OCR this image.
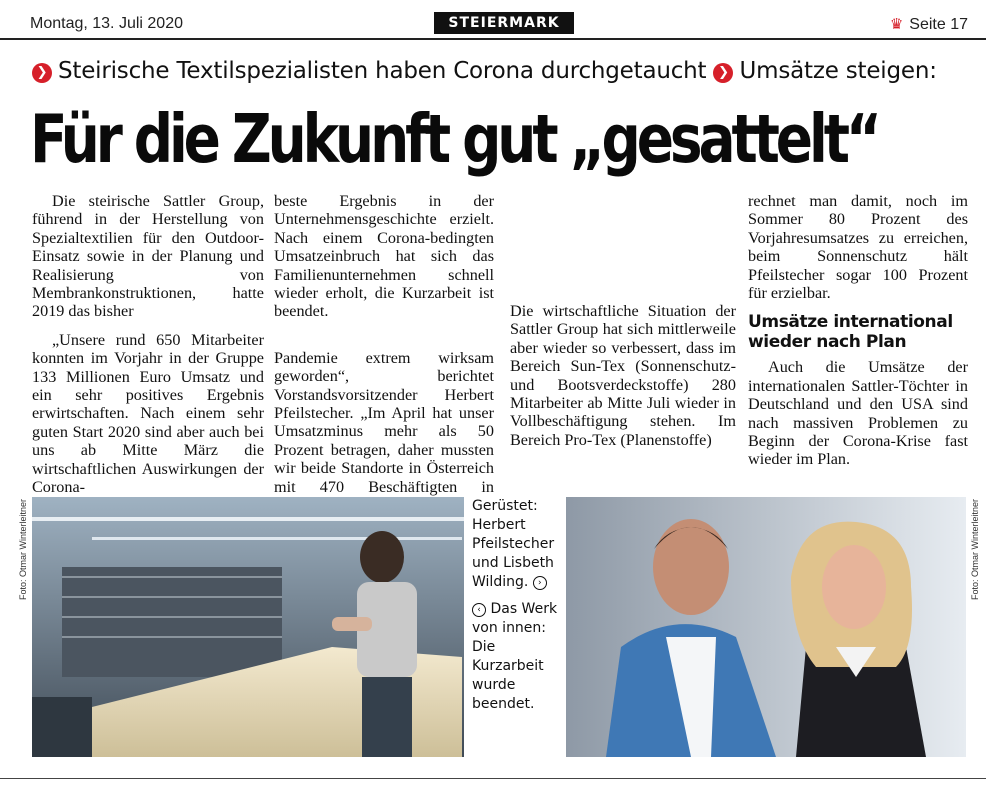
Montag, 13. Juli 2020	STEIERMARK	♛ Seite 17
❯ Steirische Textilspezialisten haben Corona durchgetaucht ❯ Umsätze steigen:
Für die Zukunft gut „gesattelt“

Die steirische Sattler Group, führend in der Herstellung von Spezialtextilien für den Outdoor-Einsatz sowie in der Planung und Realisierung von Membrankonstruktionen, hatte 2019 das bisher

„Unsere rund 650 Mitarbeiter konnten im Vorjahr in der Gruppe 133 Millionen Euro Umsatz und ein sehr positives Ergebnis erwirtschaften. Nach einem sehr guten Start 2020 sind aber auch bei uns ab Mitte März die wirtschaftlichen Auswirkungen der Corona-

beste Ergebnis in der Unternehmensgeschichte erzielt. Nach einem Corona-bedingten Umsatzeinbruch hat sich das Familienunternehmen schnell wieder erholt, die Kurzarbeit ist beendet.

Pandemie extrem wirksam geworden“, berichtet Vorstandsvorsitzender Herbert Pfeilstecher. „Im April hat unser Umsatzminus mehr als 50 Prozent betragen, daher mussten wir beide Standorte in Österreich mit 470 Beschäftigten in

Die wirtschaftliche Situation der Sattler Group hat sich mittlerweile aber wieder so verbessert, dass im Bereich Sun-Tex (Sonnenschutz- und Bootsverdeckstoffe) 280 Mitarbeiter ab Mitte Juli wieder in Vollbeschäftigung stehen. Im Bereich Pro-Tex (Planenstoffe)

rechnet man damit, noch im Sommer 80 Prozent des Vorjahresumsatzes zu erreichen, beim Sonnenschutz hält Pfeilstecher sogar 100 Prozent für erzielbar.

Umsätze international wieder nach Plan

Auch die Umsätze der internationalen Sattler-Töchter in Deutschland und den USA sind nach massiven Problemen zu Beginn der Corona-Krise fast wieder im Plan.

Foto: Otmar Winterleitner	Gerüstet: Herbert Pfeilstecher und Lisbeth Wilding. ›

‹ Das Werk von innen: Die Kurzarbeit wurde beendet.

Foto: Otmar Winterleitner
